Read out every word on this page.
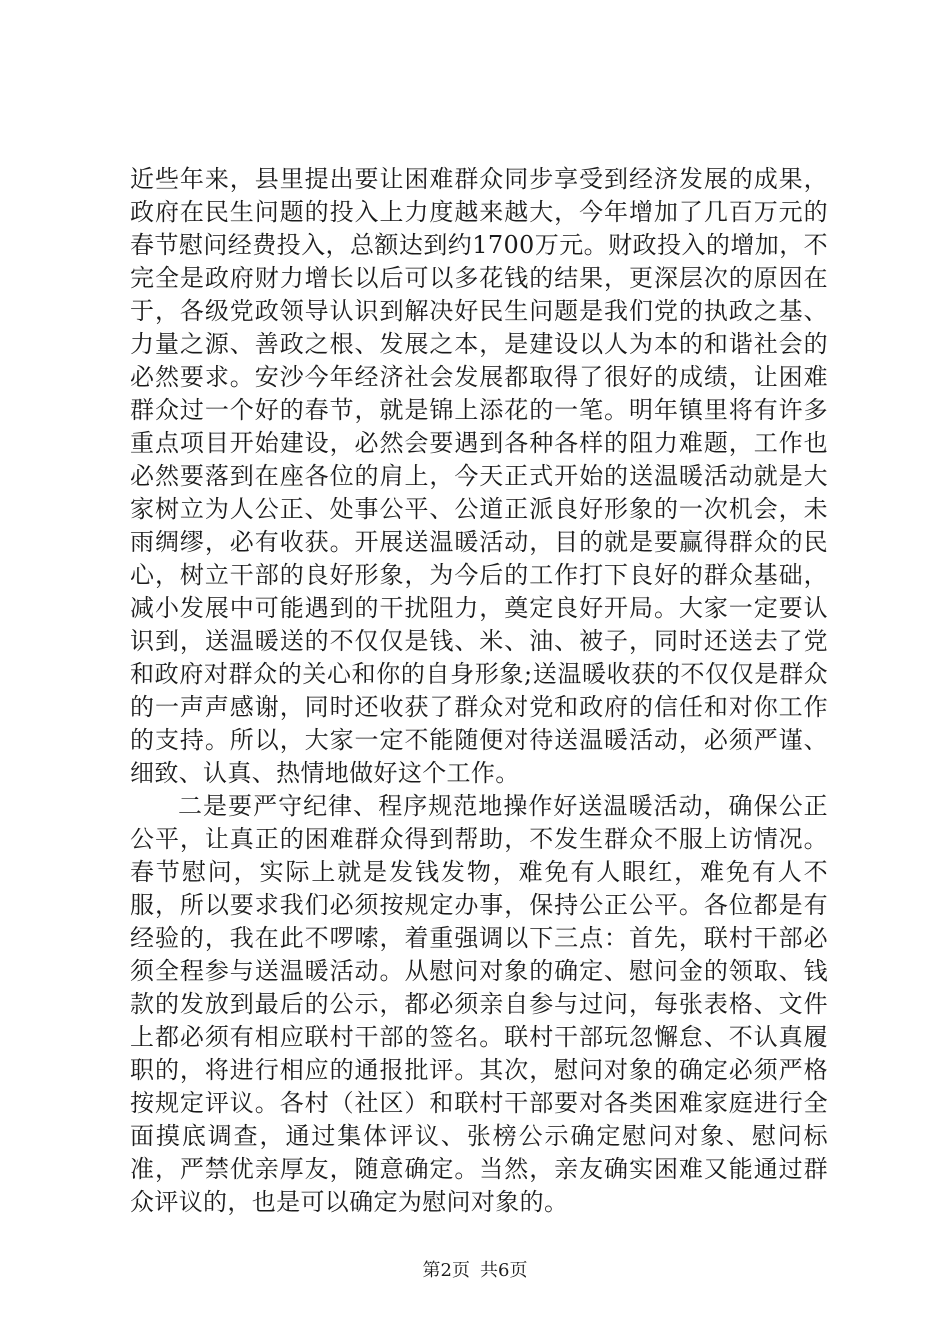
近些年来，县里提出要让困难群众同步享受到经济发展的成果，政府在民生问题的投入上力度越来越大，今年增加了几百万元的春节慰问经费投入，总额达到约1700万元。财政投入的增加，不完全是政府财力增长以后可以多花钱的结果，更深层次的原因在于，各级党政领导认识到解决好民生问题是我们党的执政之基、力量之源、善政之根、发展之本，是建设以人为本的和谐社会的必然要求。安沙今年经济社会发展都取得了很好的成绩，让困难群众过一个好的春节，就是锦上添花的一笔。明年镇里将有许多重点项目开始建设，必然会要遇到各种各样的阻力难题，工作也必然要落到在座各位的肩上，今天正式开始的送温暖活动就是大家树立为人公正、处事公平、公道正派良好形象的一次机会，未雨绸缪，必有收获。开展送温暖活动，目的就是要赢得群众的民心，树立干部的良好形象，为今后的工作打下良好的群众基础，减小发展中可能遇到的干扰阻力，奠定良好开局。大家一定要认识到，送温暖送的不仅仅是钱、米、油、被子，同时还送去了党和政府对群众的关心和你的自身形象;送温暖收获的不仅仅是群众的一声声感谢，同时还收获了群众对党和政府的信任和对你工作的支持。所以，大家一定不能随便对待送温暖活动，必须严谨、细致、认真、热情地做好这个工作。

二是要严守纪律、程序规范地操作好送温暖活动，确保公正公平，让真正的困难群众得到帮助，不发生群众不服上访情况。春节慰问，实际上就是发钱发物，难免有人眼红，难免有人不服，所以要求我们必须按规定办事，保持公正公平。各位都是有经验的，我在此不啰嗦，着重强调以下三点：首先，联村干部必须全程参与送温暖活动。从慰问对象的确定、慰问金的领取、钱款的发放到最后的公示，都必须亲自参与过问，每张表格、文件上都必须有相应联村干部的签名。联村干部玩忽懈怠、不认真履职的，将进行相应的通报批评。其次，慰问对象的确定必须严格按规定评议。各村（社区）和联村干部要对各类困难家庭进行全面摸底调查，通过集体评议、张榜公示确定慰问对象、慰问标准，严禁优亲厚友，随意确定。当然，亲友确实困难又能通过群众评议的，也是可以确定为慰问对象的。

第2页 共6页
